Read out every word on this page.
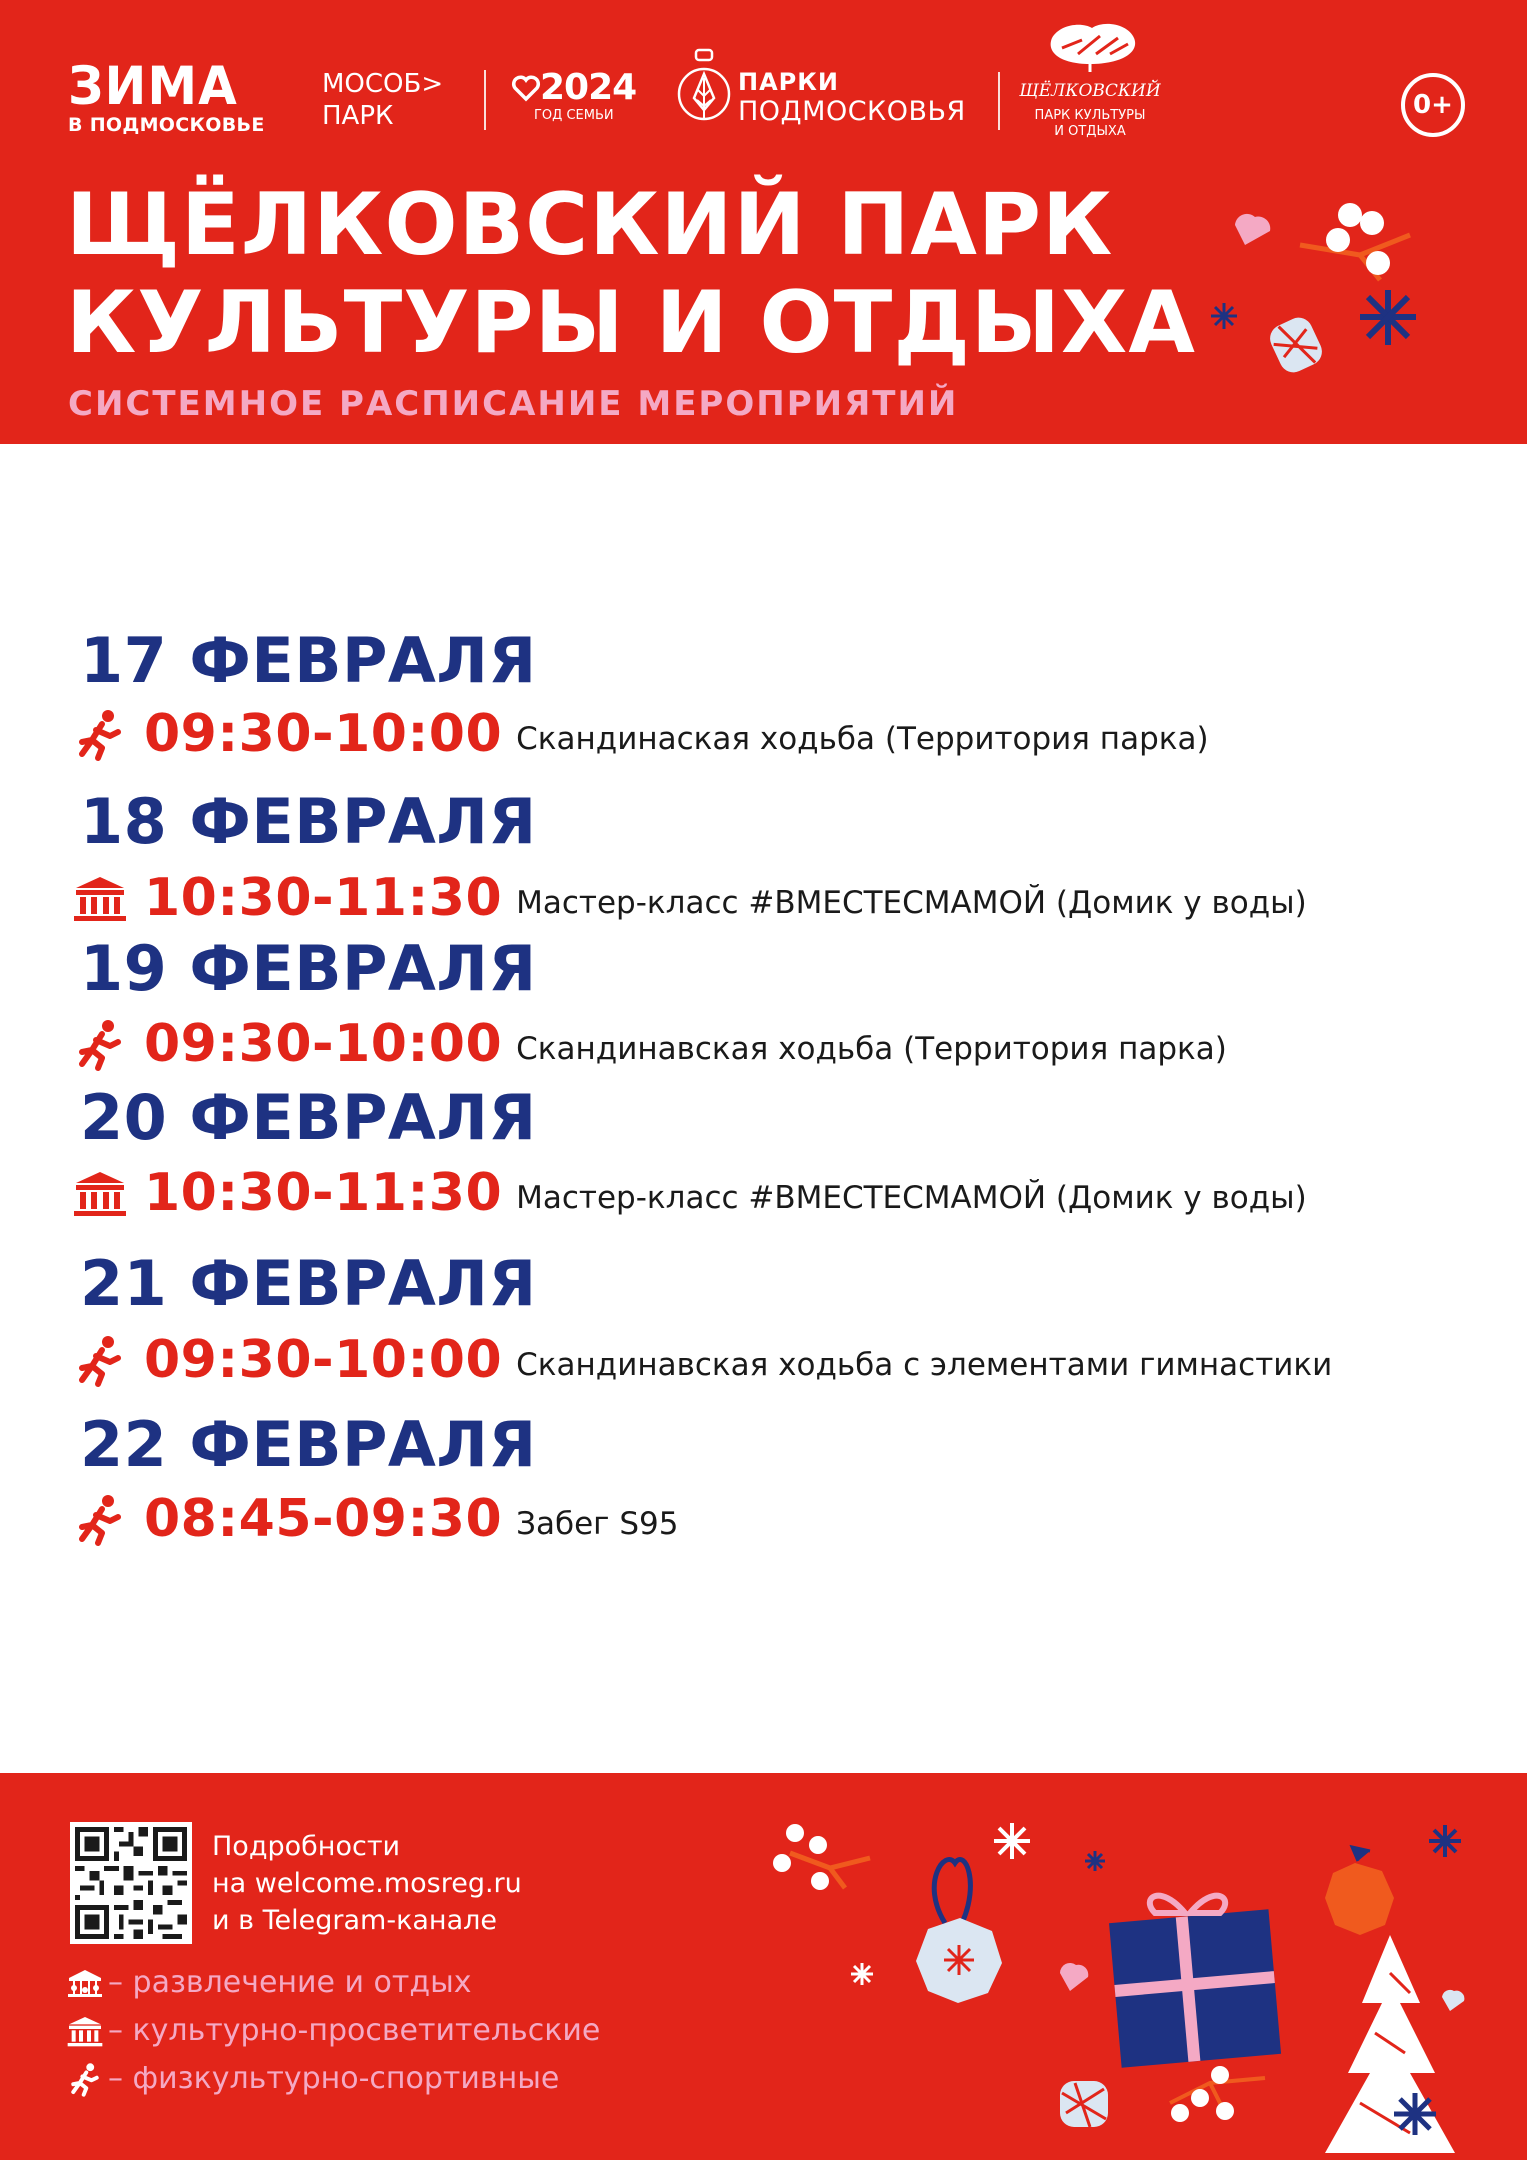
ЗИМА
В ПОДМОСКОВЬЕ
МОСОБ>
ПАРК
2024
ГОД СЕМЬИ
ПАРКИ
ПОДМОСКОВЬЯ
ЩЁЛКОВСКИЙ
ПАРК КУЛЬТУРЫ
И ОТДЫХА
0+
ЩЁЛКОВСКИЙ ПАРК
КУЛЬТУРЫ И ОТДЫХА
СИСТЕМНОЕ РАСПИСАНИЕ МЕРОПРИЯТИЙ
17 ФЕВРАЛЯ
09:30-10:00 Скандинаская ходьба (Территория парка)
18 ФЕВРАЛЯ
10:30-11:30 Мастер-класс #ВМЕСТЕСМАМОЙ (Домик у воды)
19 ФЕВРАЛЯ
09:30-10:00 Скандинавская ходьба (Территория парка)
20 ФЕВРАЛЯ
10:30-11:30 Мастер-класс #ВМЕСТЕСМАМОЙ (Домик у воды)
21 ФЕВРАЛЯ
09:30-10:00 Скандинавская ходьба с элементами гимнастики
22 ФЕВРАЛЯ
08:45-09:30 Забег S95
Подробности
на welcome.mosreg.ru
и в Telegram-канале
– развлечение и отдых
– культурно-просветительские
– физкультурно-спортивные
